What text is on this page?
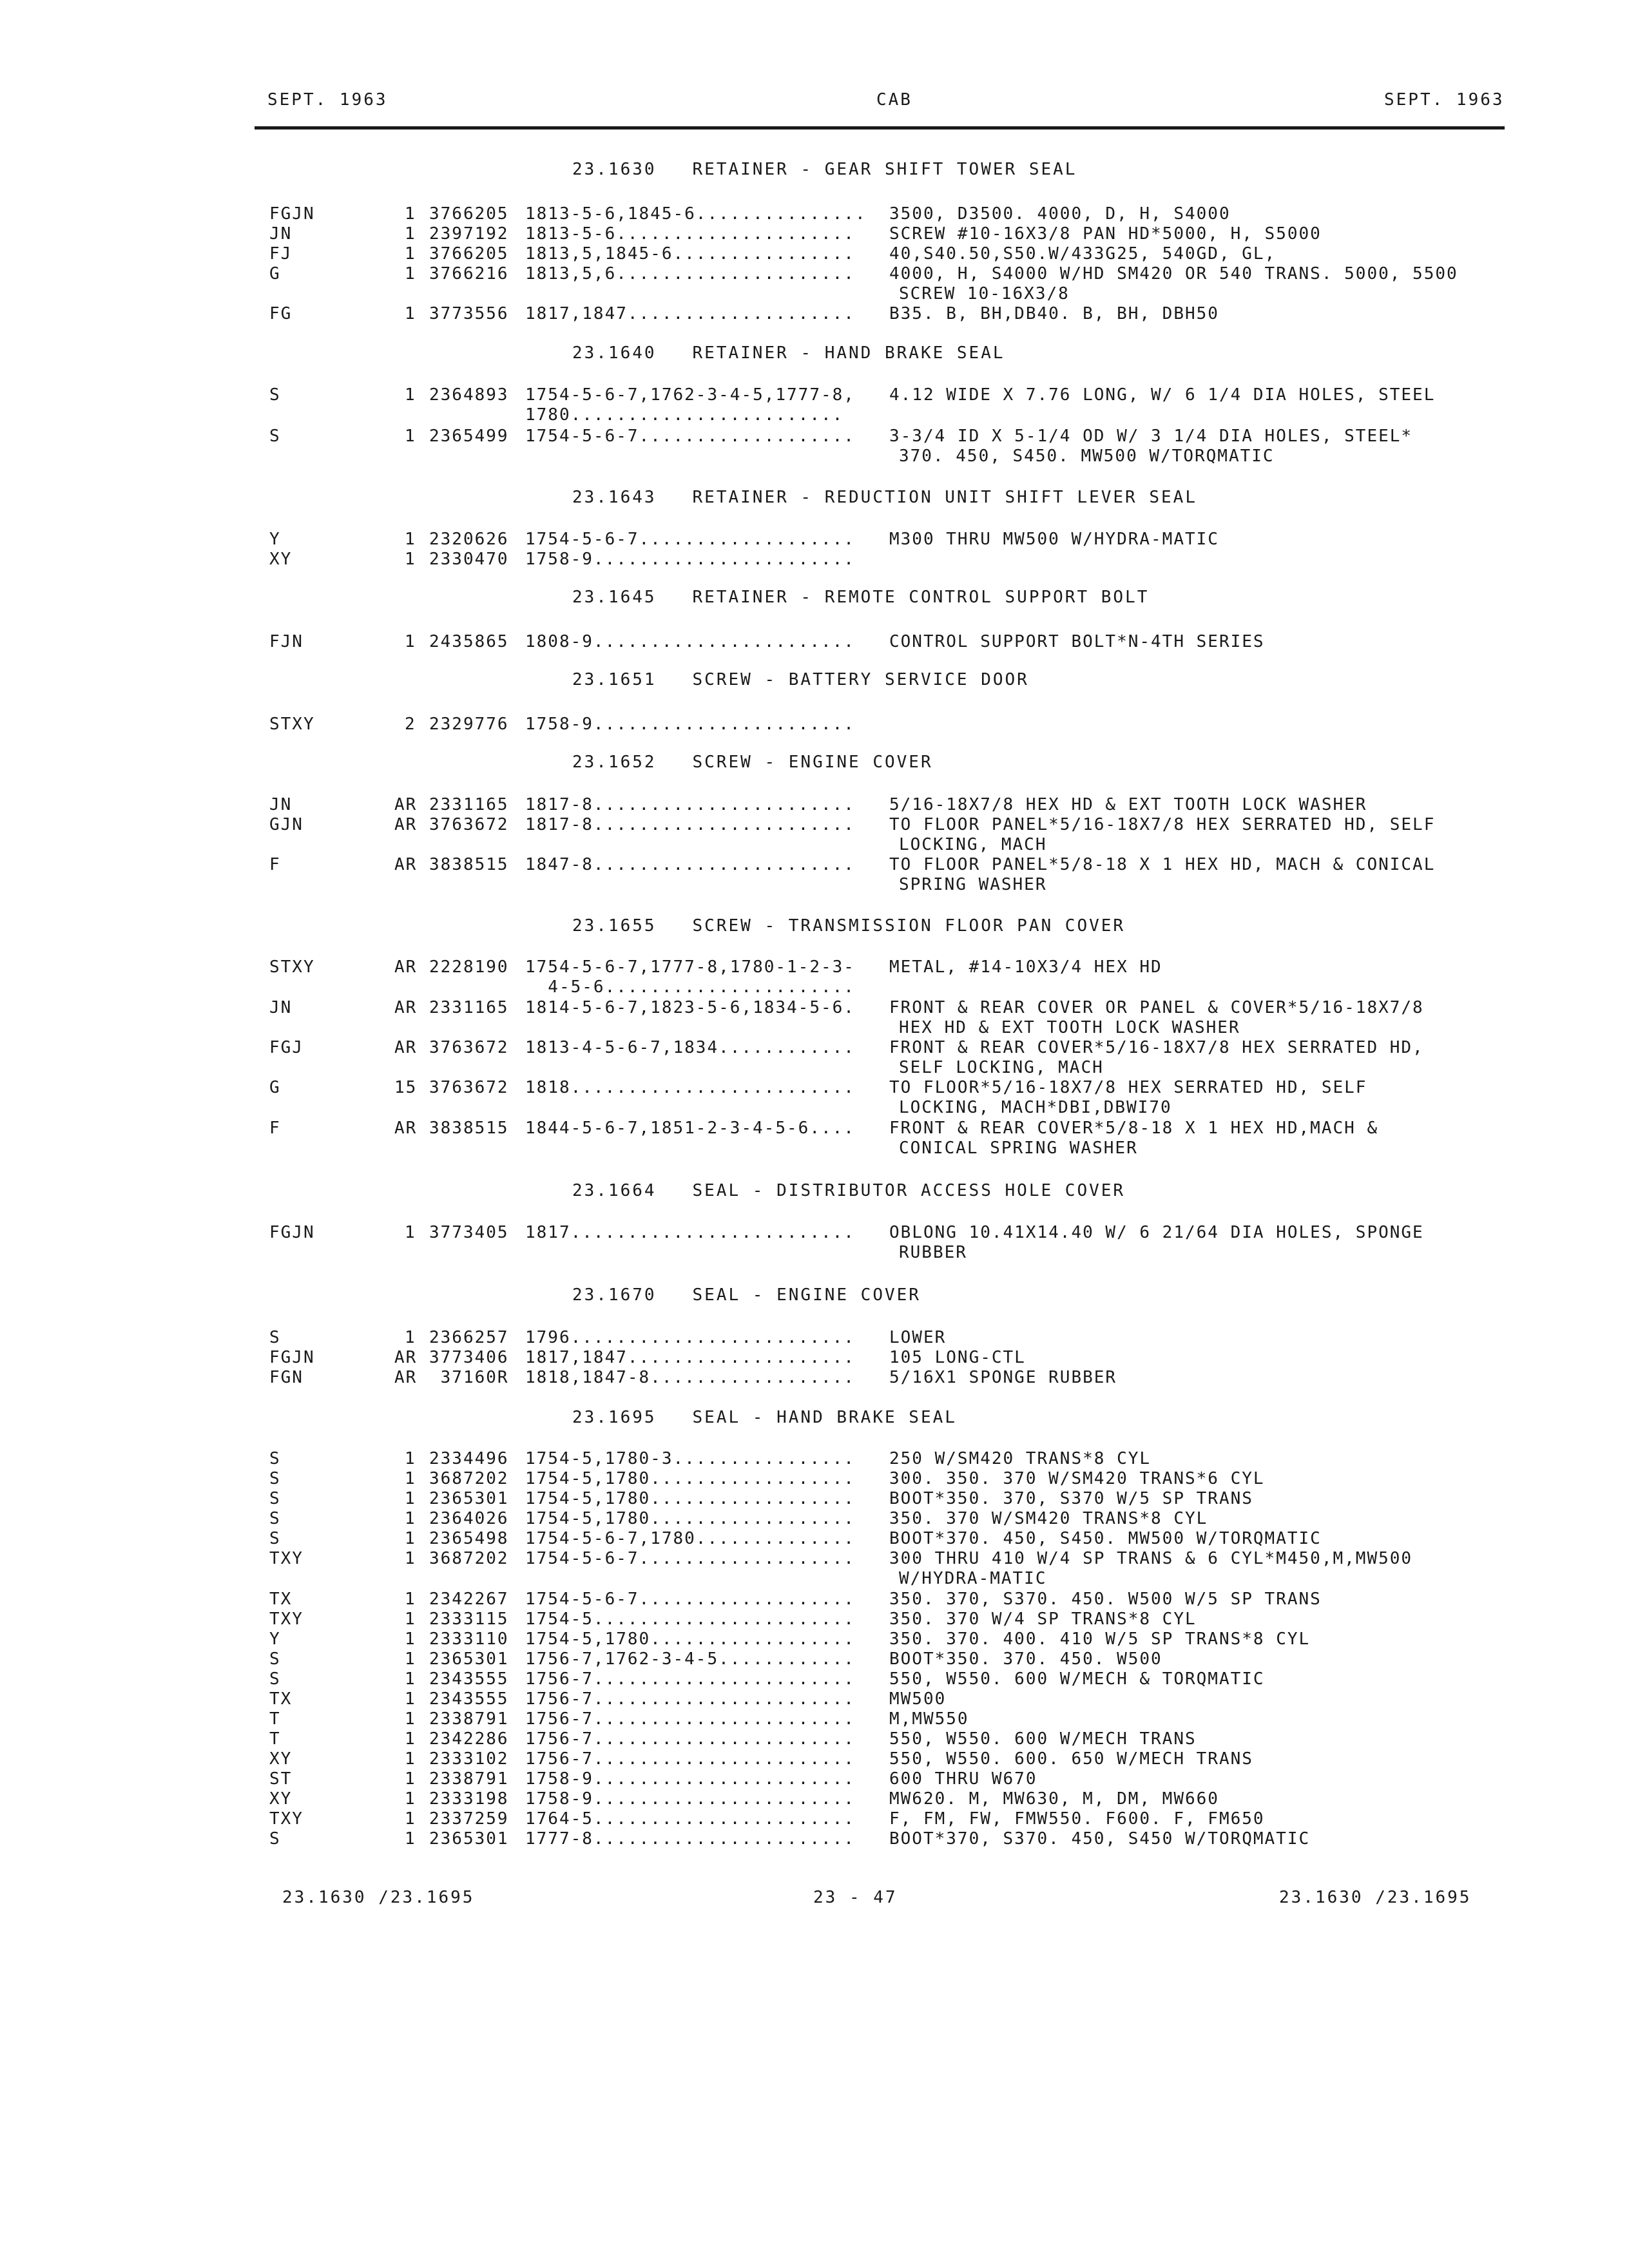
SEPT. 1963	CAB	SEPT. 1963
23.1630   RETAINER - GEAR SHIFT TOWER SEAL
FGJN	1 3766205 1813-5-6,1845-6...............	3500, D3500. 4000, D, H, S4000
JN	1 2397192 1813-5-6.....................	SCREW #10-16X3/8 PAN HD*5000, H, S5000
FJ	1 3766205 1813,5,1845-6................	40,S40.50,S50.W/433G25, 540GD, GL,
G	1 3766216 1813,5,6.....................	4000, H, S4000 W/HD SM420 OR 540 TRANS. 5000, 5500
SCREW 10-16X3/8
FG	1 3773556 1817,1847....................	B35. B, BH,DB40. B, BH, DBH50
23.1640   RETAINER - HAND BRAKE SEAL
S	1 2364893 1754-5-6-7,1762-3-4-5,1777-8,	4.12 WIDE X 7.76 LONG, W/ 6 1/4 DIA HOLES, STEEL
1780........................
S	1 2365499 1754-5-6-7...................	3-3/4 ID X 5-1/4 OD W/ 3 1/4 DIA HOLES, STEEL*
370. 450, S450. MW500 W/TORQMATIC
23.1643   RETAINER - REDUCTION UNIT SHIFT LEVER SEAL
Y	1 2320626 1754-5-6-7...................	M300 THRU MW500 W/HYDRA-MATIC
XY	1 2330470 1758-9.......................
23.1645   RETAINER - REMOTE CONTROL SUPPORT BOLT
FJN	1 2435865 1808-9.......................	CONTROL SUPPORT BOLT*N-4TH SERIES
23.1651   SCREW - BATTERY SERVICE DOOR
STXY	2 2329776 1758-9.......................
23.1652   SCREW - ENGINE COVER
JN	AR 2331165 1817-8.......................	5/16-18X7/8 HEX HD & EXT TOOTH LOCK WASHER
GJN	AR 3763672 1817-8.......................	TO FLOOR PANEL*5/16-18X7/8 HEX SERRATED HD, SELF
LOCKING, MACH
F	AR 3838515 1847-8.......................	TO FLOOR PANEL*5/8-18 X 1 HEX HD, MACH & CONICAL
SPRING WASHER
23.1655   SCREW - TRANSMISSION FLOOR PAN COVER
STXY	AR 2228190 1754-5-6-7,1777-8,1780-1-2-3-	METAL, #14-10X3/4 HEX HD
4-5-6......................
JN	AR 2331165 1814-5-6-7,1823-5-6,1834-5-6.	FRONT & REAR COVER OR PANEL & COVER*5/16-18X7/8
HEX HD & EXT TOOTH LOCK WASHER
FGJ	AR 3763672 1813-4-5-6-7,1834............	FRONT & REAR COVER*5/16-18X7/8 HEX SERRATED HD,
SELF LOCKING, MACH
G	15 3763672 1818.........................	TO FLOOR*5/16-18X7/8 HEX SERRATED HD, SELF
LOCKING, MACH*DBI,DBWI70
F	AR 3838515 1844-5-6-7,1851-2-3-4-5-6....	FRONT & REAR COVER*5/8-18 X 1 HEX HD,MACH &
CONICAL SPRING WASHER
23.1664   SEAL - DISTRIBUTOR ACCESS HOLE COVER
FGJN	1 3773405 1817.........................	OBLONG 10.41X14.40 W/ 6 21/64 DIA HOLES, SPONGE
RUBBER
23.1670   SEAL - ENGINE COVER
S	1 2366257 1796.........................	LOWER
FGJN	AR 3773406 1817,1847....................	105 LONG-CTL
FGN	AR 37160R 1818,1847-8..................	5/16X1 SPONGE RUBBER
23.1695   SEAL - HAND BRAKE SEAL
S	1 2334496 1754-5,1780-3................	250 W/SM420 TRANS*8 CYL
S	1 3687202 1754-5,1780..................	300. 350. 370 W/SM420 TRANS*6 CYL
S	1 2365301 1754-5,1780..................	BOOT*350. 370, S370 W/5 SP TRANS
S	1 2364026 1754-5,1780..................	350. 370 W/SM420 TRANS*8 CYL
S	1 2365498 1754-5-6-7,1780..............	BOOT*370. 450, S450. MW500 W/TORQMATIC
TXY	1 3687202 1754-5-6-7...................	300 THRU 410 W/4 SP TRANS & 6 CYL*M450,M,MW500
W/HYDRA-MATIC
TX	1 2342267 1754-5-6-7...................	350. 370, S370. 450. W500 W/5 SP TRANS
TXY	1 2333115 1754-5.......................	350. 370 W/4 SP TRANS*8 CYL
Y	1 2333110 1754-5,1780..................	350. 370. 400. 410 W/5 SP TRANS*8 CYL
S	1 2365301 1756-7,1762-3-4-5............	BOOT*350. 370. 450. W500
S	1 2343555 1756-7.......................	550, W550. 600 W/MECH & TORQMATIC
TX	1 2343555 1756-7.......................	MW500
T	1 2338791 1756-7.......................	M,MW550
T	1 2342286 1756-7.......................	550, W550. 600 W/MECH TRANS
XY	1 2333102 1756-7.......................	550, W550. 600. 650 W/MECH TRANS
ST	1 2338791 1758-9.......................	600 THRU W670
XY	1 2333198 1758-9.......................	MW620. M, MW630, M, DM, MW660
TXY	1 2337259 1764-5.......................	F, FM, FW, FMW550. F600. F, FM650
S	1 2365301 1777-8.......................	BOOT*370, S370. 450, S450 W/TORQMATIC
23.1630 /23.1695	23 - 47	23.1630 /23.1695
